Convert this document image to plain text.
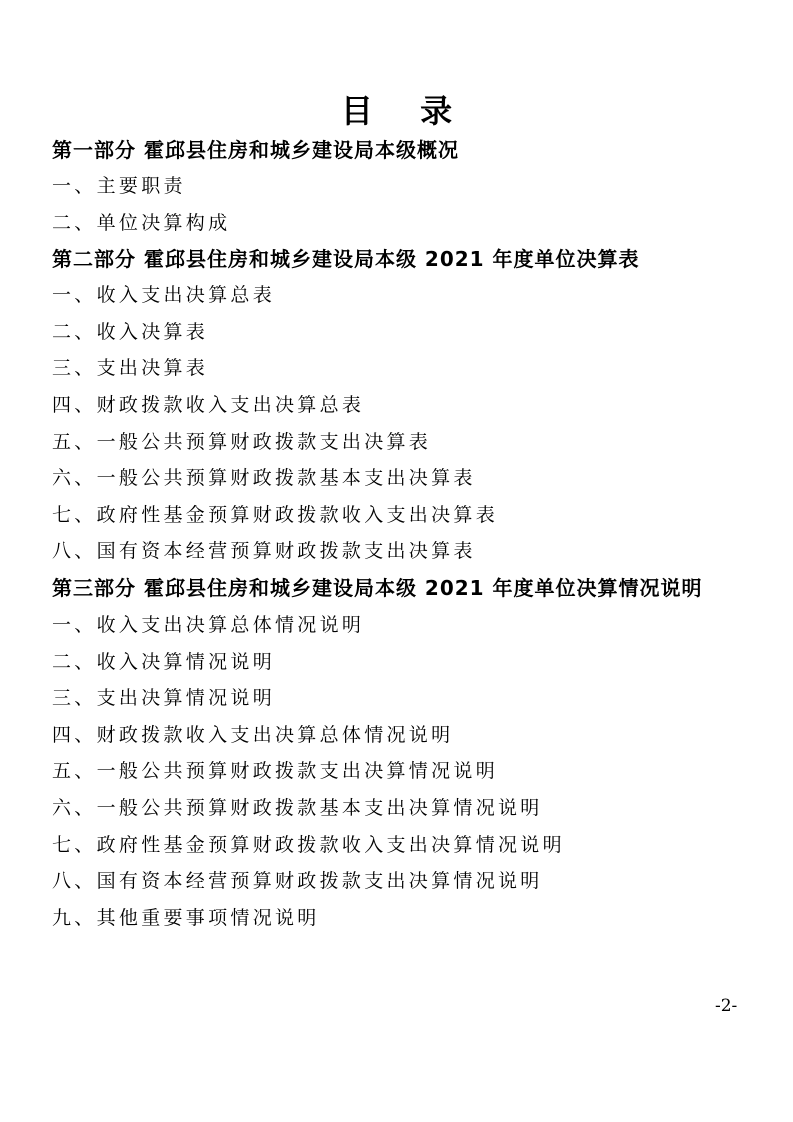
目 录
第一部分 霍邱县住房和城乡建设局本级概况
一、主要职责
二、单位决算构成
第二部分 霍邱县住房和城乡建设局本级 2021 年度单位决算表
一、收入支出决算总表
二、收入决算表
三、支出决算表
四、财政拨款收入支出决算总表
五、一般公共预算财政拨款支出决算表
六、一般公共预算财政拨款基本支出决算表
七、政府性基金预算财政拨款收入支出决算表
八、国有资本经营预算财政拨款支出决算表
第三部分 霍邱县住房和城乡建设局本级 2021 年度单位决算情况说明
一、收入支出决算总体情况说明
二、收入决算情况说明
三、支出决算情况说明
四、财政拨款收入支出决算总体情况说明
五、一般公共预算财政拨款支出决算情况说明
六、一般公共预算财政拨款基本支出决算情况说明
七、政府性基金预算财政拨款收入支出决算情况说明
八、国有资本经营预算财政拨款支出决算情况说明
九、其他重要事项情况说明
-2-
